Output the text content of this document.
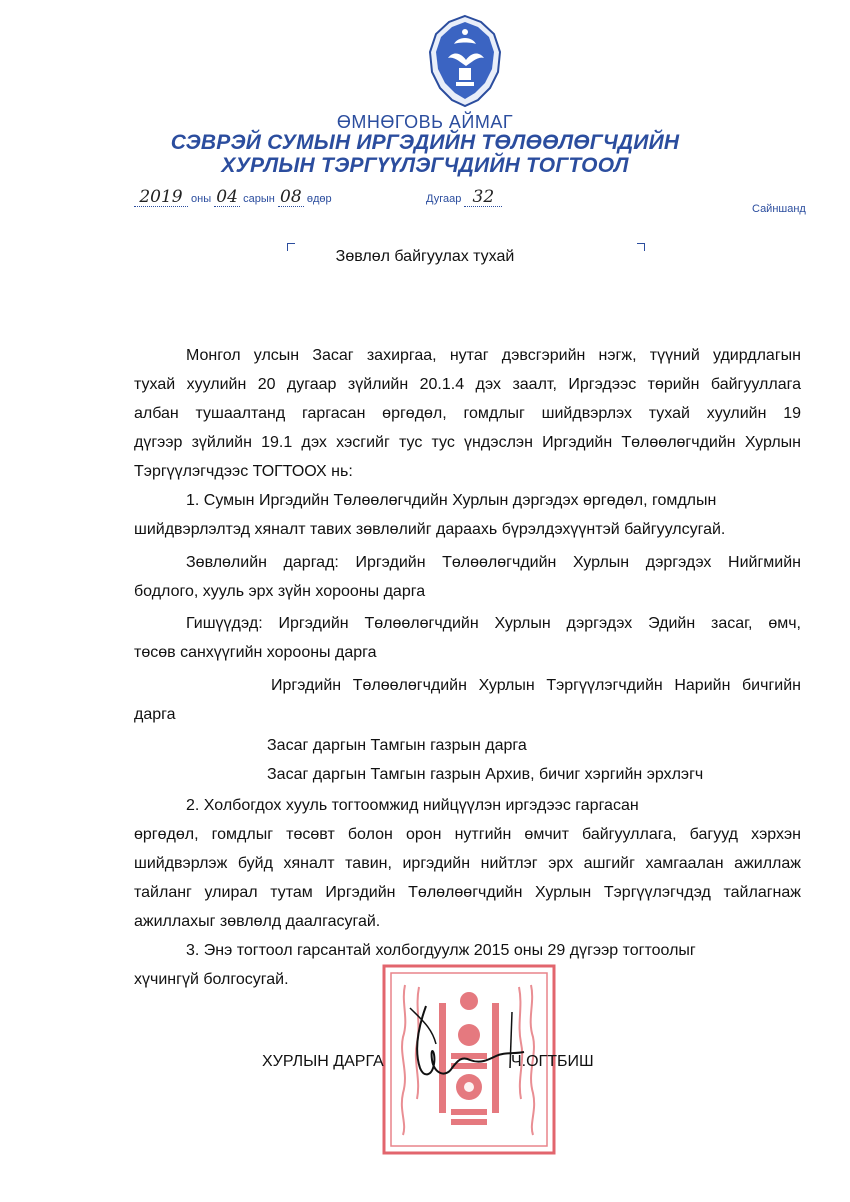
ӨМНӨГОВЬ АЙМАГ
СЭВРЭЙ СУМЫН ИРГЭДИЙН ТӨЛӨӨЛӨГЧДИЙН
ХУРЛЫН ТЭРГҮҮЛЭГЧДИЙН ТОГТООЛ
2019 оны 04 сарын 08 өдөр	Дугаар 32
Сайншанд
Зөвлөл байгуулах тухай
Монгол улсын Засаг захиргаа, нутаг дэвсгэрийн нэгж, түүний удирдлагын
тухай хуулийн 20 дугаар зүйлийн 20.1.4 дэх заалт, Иргэдээс төрийн байгууллага
албан тушаалтанд гаргасан өргөдөл, гомдлыг шийдвэрлэх тухай хуулийн 19
дүгээр зүйлийн 19.1 дэх хэсгийг тус тус үндэслэн Иргэдийн Төлөөлөгчдийн Хурлын
Тэргүүлэгчдээс ТОГТООХ нь:
1. Сумын Иргэдийн Төлөөлөгчдийн Хурлын дэргэдэх өргөдөл, гомдлын
шийдвэрлэлтэд хяналт тавих зөвлөлийг дараахь бүрэлдэхүүнтэй байгуулсугай.
Зөвлөлийн даргад: Иргэдийн Төлөөлөгчдийн Хурлын дэргэдэх Нийгмийн
бодлого, хууль эрх зүйн хорооны дарга
Гишүүдэд: Иргэдийн Төлөөлөгчдийн Хурлын дэргэдэх Эдийн засаг, өмч,
төсөв санхүүгийн хорооны дарга
Иргэдийн Төлөөлөгчдийн Хурлын Тэргүүлэгчдийн Нарийн бичгийн
дарга
Засаг даргын Тамгын газрын дарга
Засаг даргын Тамгын газрын Архив, бичиг хэргийн эрхлэгч
2. Холбогдох хууль тогтоомжид нийцүүлэн иргэдээс гаргасан
өргөдөл, гомдлыг төсөвт болон орон нутгийн өмчит байгууллага, багууд хэрхэн
шийдвэрлэж буйд хяналт тавин, иргэдийн нийтлэг эрх ашгийг хамгаалан ажиллаж
тайланг улирал тутам Иргэдийн Төлөлөөгчдийн Хурлын Тэргүүлэгчдэд тайлагнаж
ажиллахыг зөвлөлд даалгасугай.
3. Энэ тогтоол гарсантай холбогдуулж 2015 оны 29 дүгээр тогтоолыг
хүчингүй болгосугай.
ХУРЛЫН ДАРГА	Ч.ОГТБИШ
